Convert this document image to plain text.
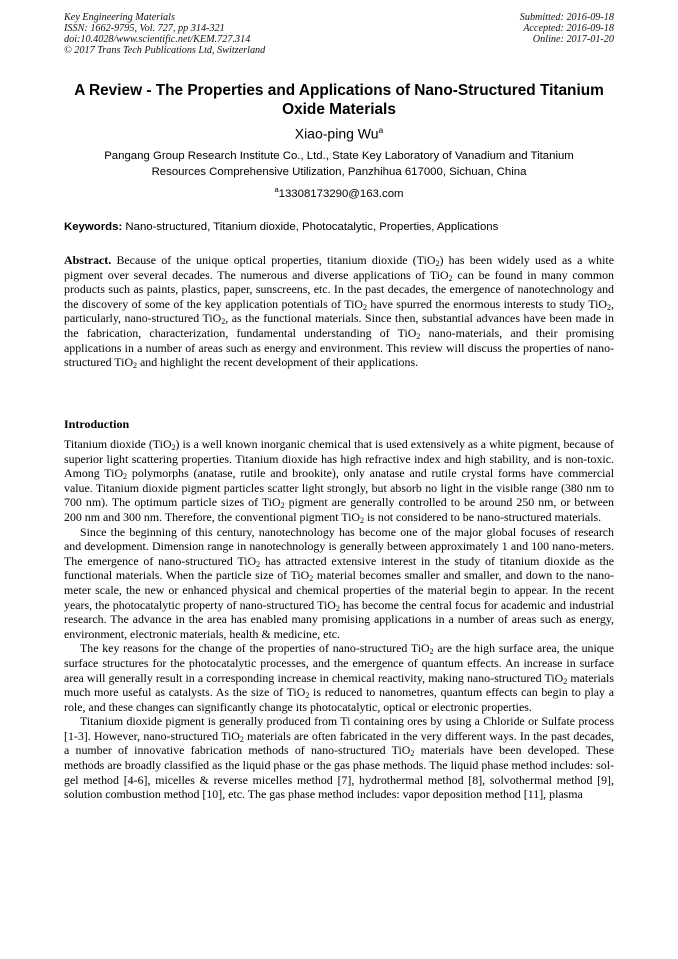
Key Engineering Materials
ISSN: 1662-9795, Vol. 727, pp 314-321
doi:10.4028/www.scientific.net/KEM.727.314
© 2017 Trans Tech Publications Ltd, Switzerland
Submitted: 2016-09-18
Accepted: 2016-09-18
Online: 2017-01-20
A Review - The Properties and Applications of Nano-Structured Titanium
Oxide Materials
Xiao-ping Wu$^a$
Pangang Group Research Institute Co., Ltd., State Key Laboratory of Vanadium and Titanium
Resources Comprehensive Utilization, Panzhihua 617000, Sichuan, China
$^a$13308173290@163.com
Keywords: Nano-structured, Titanium dioxide, Photocatalytic, Properties, Applications

Abstract. Because of the unique optical properties, titanium dioxide (TiO$_2$) has been widely used as a white pigment over several decades. The numerous and diverse applications of TiO$_2$ can be found in many common products such as paints, plastics, paper, sunscreens, etc. In the past decades, the emergence of nanotechnology and the discovery of some of the key application potentials of TiO$_2$ have spurred the enormous interests to study TiO$_2$, particularly, nano-structured TiO$_2$, as the functional materials. Since then, substantial advances have been made in the fabrication, characterization, fundamental understanding of TiO$_2$ nano-materials, and their promising applications in a number of areas such as energy and environment. This review will discuss the properties of nano-structured TiO$_2$ and highlight the recent development of their applications.

Introduction

Titanium dioxide (TiO$_2$) is a well known inorganic chemical that is used extensively as a white pigment, because of superior light scattering properties. Titanium dioxide has high refractive index and high stability, and is non-toxic. Among TiO$_2$ polymorphs (anatase, rutile and brookite), only anatase and rutile crystal forms have commercial value. Titanium dioxide pigment particles scatter light strongly, but absorb no light in the visible range (380 nm to 700 nm). The optimum particle sizes of TiO$_2$ pigment are generally controlled to be around 250 nm, or between 200 nm and 300 nm. Therefore, the conventional pigment TiO$_2$ is not considered to be nano-structured materials.

Since the beginning of this century, nanotechnology has become one of the major global focuses of research and development. Dimension range in nanotechnology is generally between approximately 1 and 100 nano-meters. The emergence of nano-structured TiO$_2$ has attracted extensive interest in the study of titanium dioxide as the functional materials. When the particle size of TiO$_2$ material becomes smaller and smaller, and down to the nano-meter scale, the new or enhanced physical and chemical properties of the material begin to appear. In the recent years, the photocatalytic property of nano-structured TiO$_2$ has become the central focus for academic and industrial research. The advance in the area has enabled many promising applications in a number of areas such as energy, environment, electronic materials, health & medicine, etc.

The key reasons for the change of the properties of nano-structured TiO$_2$ are the high surface area, the unique surface structures for the photocatalytic processes, and the emergence of quantum effects. An increase in surface area will generally result in a corresponding increase in chemical reactivity, making nano-structured TiO$_2$ materials much more useful as catalysts. As the size of TiO$_2$ is reduced to nanometres, quantum effects can begin to play a role, and these changes can significantly change its photocatalytic, optical or electronic properties.

Titanium dioxide pigment is generally produced from Ti containing ores by using a Chloride or Sulfate process [1-3]. However, nano-structured TiO$_2$ materials are often fabricated in the very different ways. In the past decades, a number of innovative fabrication methods of nano-structured TiO$_2$ materials have been developed. These methods are broadly classified as the liquid phase or the gas phase methods. The liquid phase method includes: sol-gel method [4-6], micelles & reverse micelles method [7], hydrothermal method [8], solvothermal method [9], solution combustion method [10], etc. The gas phase method includes: vapor deposition method [11], plasma
